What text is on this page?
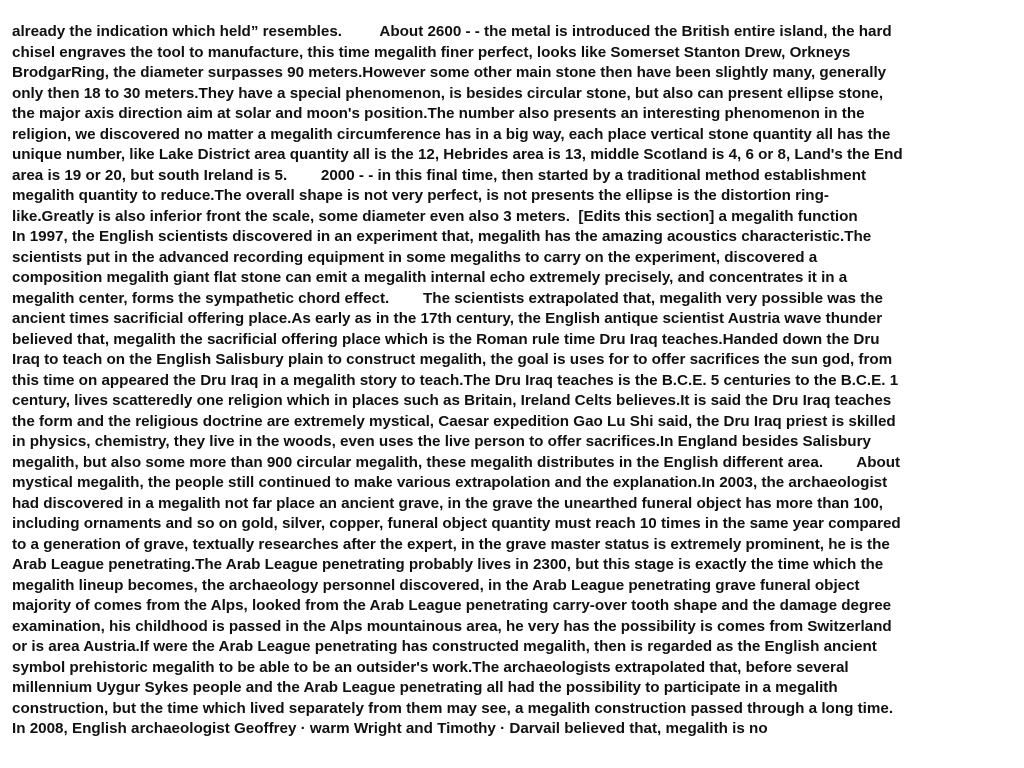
already the indication which held” resembles.         About 2600 - - the metal is introduced the British entire island, the hard
chisel engraves the tool to manufacture, this time megalith finer perfect, looks like Somerset Stanton Drew, Orkneys
BrodgarRing, the diameter surpasses 90 meters.However some other main stone then have been slightly many, generally
only then 18 to 30 meters.They have a special phenomenon, is besides circular stone, but also can present ellipse stone,
the major axis direction aim at solar and moon's position.The number also presents an interesting phenomenon in the
religion, we discovered no matter a megalith circumference has in a big way, each place vertical stone quantity all has the
unique number, like Lake District area quantity all is the 12, Hebrides area is 13, middle Scotland is 4, 6 or 8, Land's the End
area is 19 or 20, but south Ireland is 5.        2000 - - in this final time, then started by a traditional method establishment
megalith quantity to reduce.The overall shape is not very perfect, is not presents the ellipse is the distortion ring-
like.Greatly is also inferior front the scale, some diameter even also 3 meters.  [Edits this section] a megalith function
In 1997, the English scientists discovered in an experiment that, megalith has the amazing acoustics characteristic.The
scientists put in the advanced recording equipment in some megaliths to carry on the experiment, discovered a
composition megalith giant flat stone can emit a megalith internal echo extremely precisely, and concentrates it in a
megalith center, forms the sympathetic chord effect.        The scientists extrapolated that, megalith very possible was the
ancient times sacrificial offering place.As early as in the 17th century, the English antique scientist Austria wave thunder
believed that, megalith the sacrificial offering place which is the Roman rule time Dru Iraq teaches.Handed down the Dru
Iraq to teach on the English Salisbury plain to construct megalith, the goal is uses for to offer sacrifices the sun god, from
this time on appeared the Dru Iraq in a megalith story to teach.The Dru Iraq teaches is the B.C.E. 5 centuries to the B.C.E. 1
century, lives scatteredly one religion which in places such as Britain, Ireland Celts believes.It is said the Dru Iraq teaches
the form and the religious doctrine are extremely mystical, Caesar expedition Gao Lu Shi said, the Dru Iraq priest is skilled
in physics, chemistry, they live in the woods, even uses the live person to offer sacrifices.In England besides Salisbury
megalith, but also some more than 900 circular megalith, these megalith distributes in the English different area.        About
mystical megalith, the people still continued to make various extrapolation and the explanation.In 2003, the archaeologist
had discovered in a megalith not far place an ancient grave, in the grave the unearthed funeral object has more than 100,
including ornaments and so on gold, silver, copper, funeral object quantity must reach 10 times in the same year compared
to a generation of grave, textually researches after the expert, in the grave master status is extremely prominent, he is the
Arab League penetrating.The Arab League penetrating probably lives in 2300, but this stage is exactly the time which the
megalith lineup becomes, the archaeology personnel discovered, in the Arab League penetrating grave funeral object
majority of comes from the Alps, looked from the Arab League penetrating carry-over tooth shape and the damage degree
examination, his childhood is passed in the Alps mountainous area, he very has the possibility is comes from Switzerland
or is area Austria.If were the Arab League penetrating has constructed megalith, then is regarded as the English ancient
symbol prehistoric megalith to be able to be an outsider's work.The archaeologists extrapolated that, before several
millennium Uygur Sykes people and the Arab League penetrating all had the possibility to participate in a megalith
construction, but the time which lived separately from them may see, a megalith construction passed through a long time.
In 2008, English archaeologist Geoffrey · warm Wright and Timothy · Darvail believed that, megalith is no
